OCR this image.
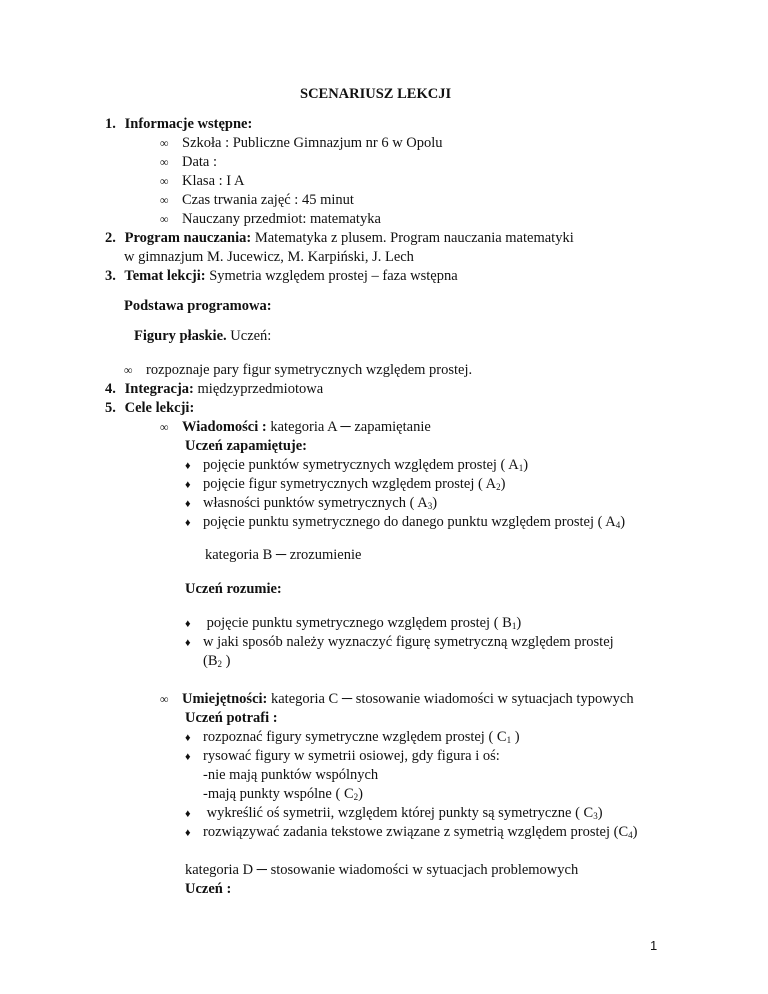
SCENARIUSZ LEKCJI
1. Informacje wstępne:
∞ Szkoła : Publiczne Gimnazjum nr 6 w Opolu
∞ Data :
∞ Klasa : I A
∞ Czas trwania zajęć : 45 minut
∞ Nauczany przedmiot: matematyka
2. Program nauczania: Matematyka z plusem. Program nauczania matematyki
w gimnazjum M. Jucewicz, M. Karpiński, J. Lech
3. Temat lekcji: Symetria względem prostej – faza wstępna
Podstawa programowa:
Figury płaskie. Uczeń:
∞ rozpoznaje pary figur symetrycznych względem prostej.
4. Integracja: międzyprzedmiotowa
5. Cele lekcji:
∞ Wiadomości : kategoria A ─ zapamiętanie
Uczeń zapamiętuje:
♦ pojęcie punktów symetrycznych względem prostej ( $A_1$)
♦ pojęcie figur symetrycznych względem prostej ( $A_2$)
♦ własności punktów symetrycznych ( $A_3$)
♦ pojęcie punktu symetrycznego do danego punktu względem prostej ( $A_4$)
kategoria B ─ zrozumienie
Uczeń rozumie:
♦ pojęcie punktu symetrycznego względem prostej ( $B_1$)
♦ w jaki sposób należy wyznaczyć figurę symetryczną względem prostej
($B_2$ )
∞ Umiejętności: kategoria C ─ stosowanie wiadomości w sytuacjach typowych
Uczeń potrafi :
♦ rozpoznać figury symetryczne względem prostej ( $C_1$ )
♦ rysować figury w symetrii osiowej, gdy figura i oś:
-nie mają punktów wspólnych
-mają punkty wspólne ( $C_2$)
♦ wykreślić oś symetrii, względem której punkty są symetryczne ( $C_3$)
♦ rozwiązywać zadania tekstowe związane z symetrią względem prostej $(C_4)$
kategoria D ─ stosowanie wiadomości w sytuacjach problemowych
Uczeń :
1
